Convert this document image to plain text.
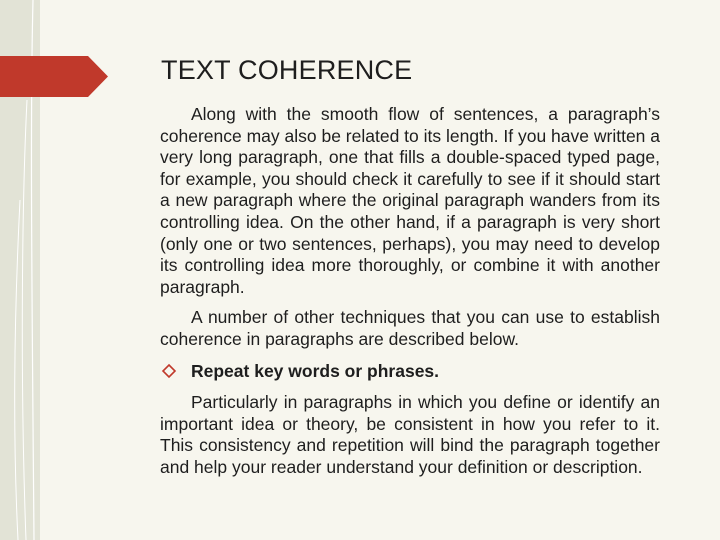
TEXT COHERENCE

Along with the smooth flow of sentences, a paragraph’s coherence may also be related to its length. If you have written a very long paragraph, one that fills a double-spaced typed page, for example, you should check it carefully to see if it should start a new paragraph where the original paragraph wanders from its controlling idea. On the other hand, if a paragraph is very short (only one or two sentences, perhaps), you may need to develop its controlling idea more thoroughly, or combine it with another paragraph.

A number of other techniques that you can use to establish coherence in paragraphs are described below.

Repeat key words or phrases.

Particularly in paragraphs in which you define or identify an important idea or theory, be consistent in how you refer to it. This consistency and repetition will bind the paragraph together and help your reader understand your definition or description.
